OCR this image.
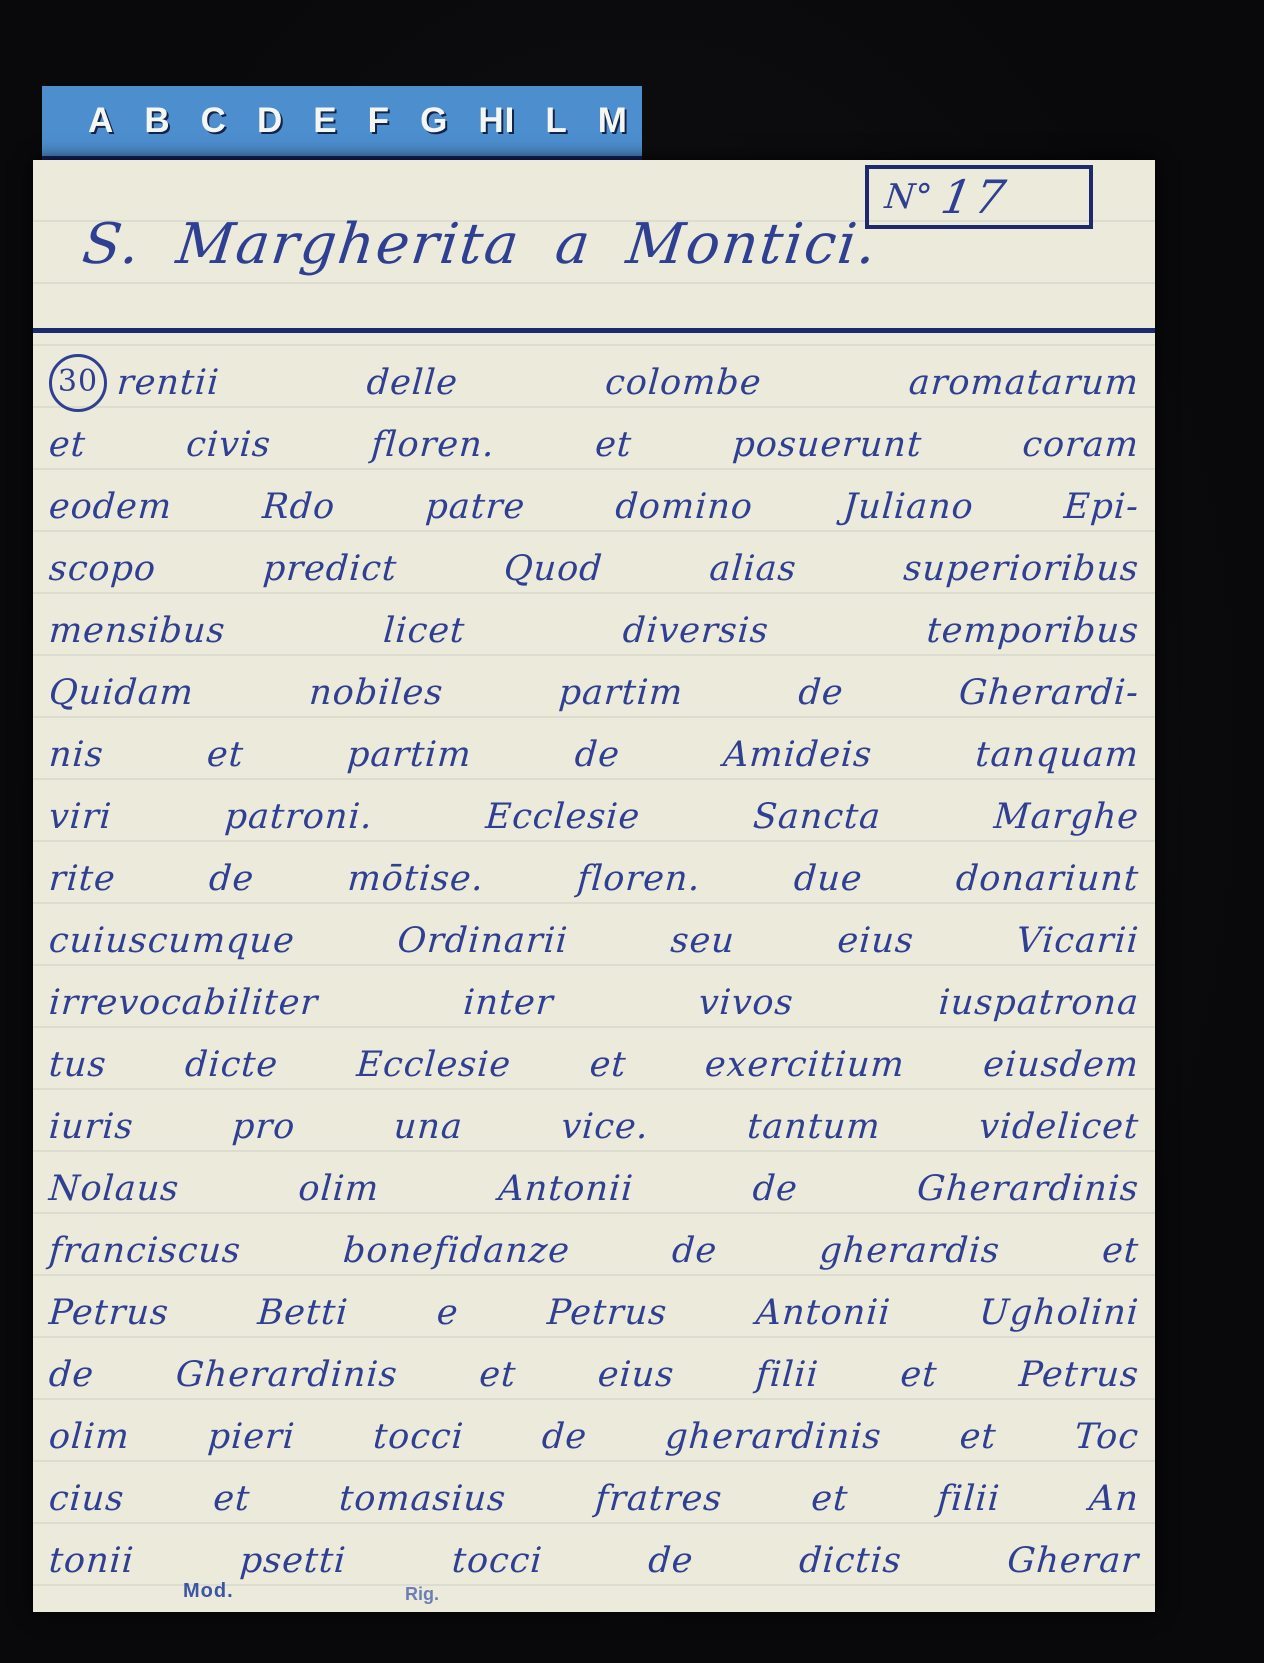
A B C D E F G HI L M
N° 17
S. Margherita a Montici.
30 rentii delle colombe aromatarum
et civis floren. et posuerunt coram
eodem Rdo patre domino Juliano Epi-
scopo predict Quod alias superioribus
mensibus licet diversis temporibus
Quidam nobiles partim de Gherardi-
nis et partim de Amideis tanquam
viri patroni. Ecclesie Sancta Marghe
rite de mōtise. floren. due donariunt
cuiuscumque Ordinarii seu eius Vicarii
irrevocabiliter inter vivos iuspatrona
tus dicte Ecclesie et exercitium eiusdem
iuris pro una vice. tantum videlicet
Nolaus olim Antonii de Gherardinis
franciscus bonefidanze de gherardis et
Petrus Betti e Petrus Antonii Ugholini
de Gherardinis et eius filii et Petrus
olim pieri tocci de gherardinis et Toc
cius et tomasius fratres et filii An
tonii psetti tocci de dictis Gherar
Mod.	Rig.
